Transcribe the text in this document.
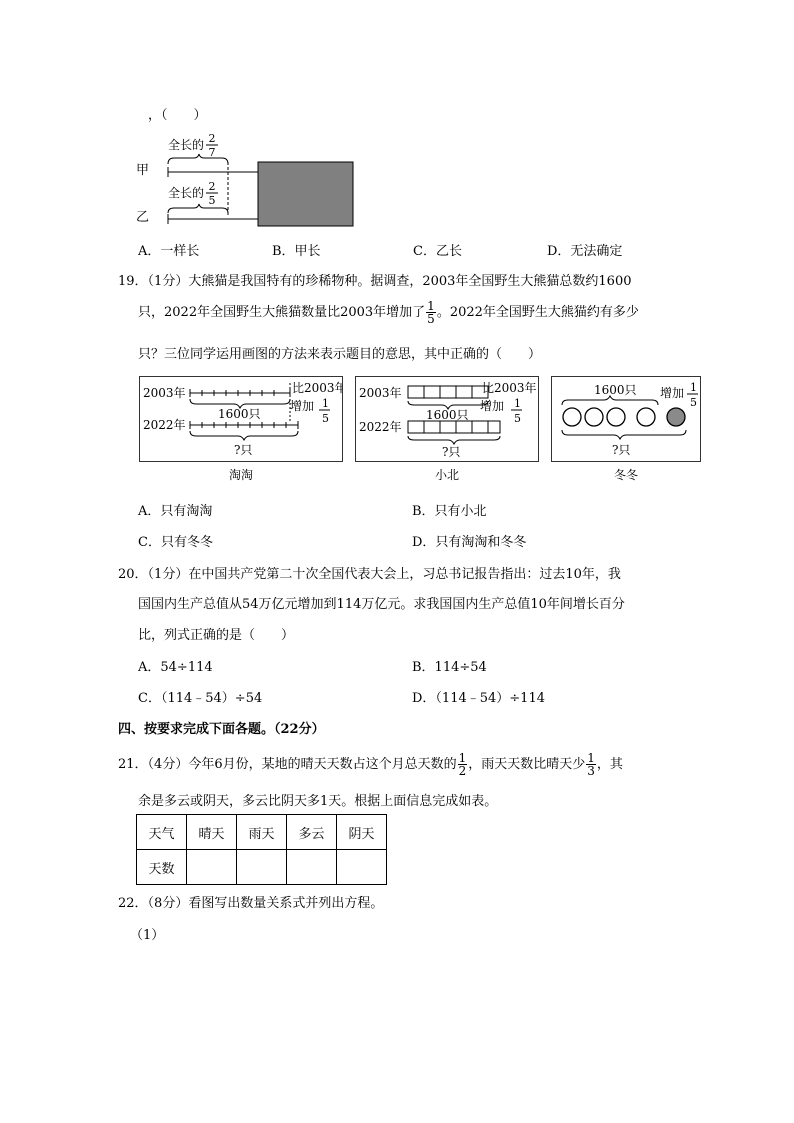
，（　　）
甲
乙
全长的 2
7
全长的 2
5
A．一样长	B．甲长	C．乙长	D．无法确定
19．（1分）大熊猫是我国特有的珍稀物种。据调查，2003年全国野生大熊猫总数约1600
只，2022年全国野生大熊猫数量比2003年增加了 $\frac{1}{5}$ 。2022年全国野生大熊猫约有多少
只？三位同学运用画图的方法来表示题目的意思，其中正确的（　　）
2003年	比2003年
1600只
增加 1
5
2022年
?只
淘淘
2003年	比2003年
1600只
增加 1
5
2022年
?只
小北
1600只 增加 1
5
?只
冬冬
A．只有淘淘	B．只有小北
C．只有冬冬	D．只有淘淘和冬冬
20．（1分）在中国共产党第二十次全国代表大会上，习总书记报告指出：过去10年，我
国国内生产总值从54万亿元增加到114万亿元。求我国国内生产总值10年间增长百分
比，列式正确的是（　　）
A．54÷114	B．114÷54
C．（114﹣54）÷54	D．（114﹣54）÷114
四、按要求完成下面各题。（22分）
21．（4分）今年6月份，某地的晴天天数占这个月总天数的 $\frac{1}{2}$ ，雨天天数比晴天少 $\frac{1}{3}$ ，其
余是多云或阴天，多云比阴天多1天。根据上面信息完成如表。
天气	晴天	雨天	多云	阴天
天数				
22．（8分）看图写出数量关系式并列出方程。
（1）
